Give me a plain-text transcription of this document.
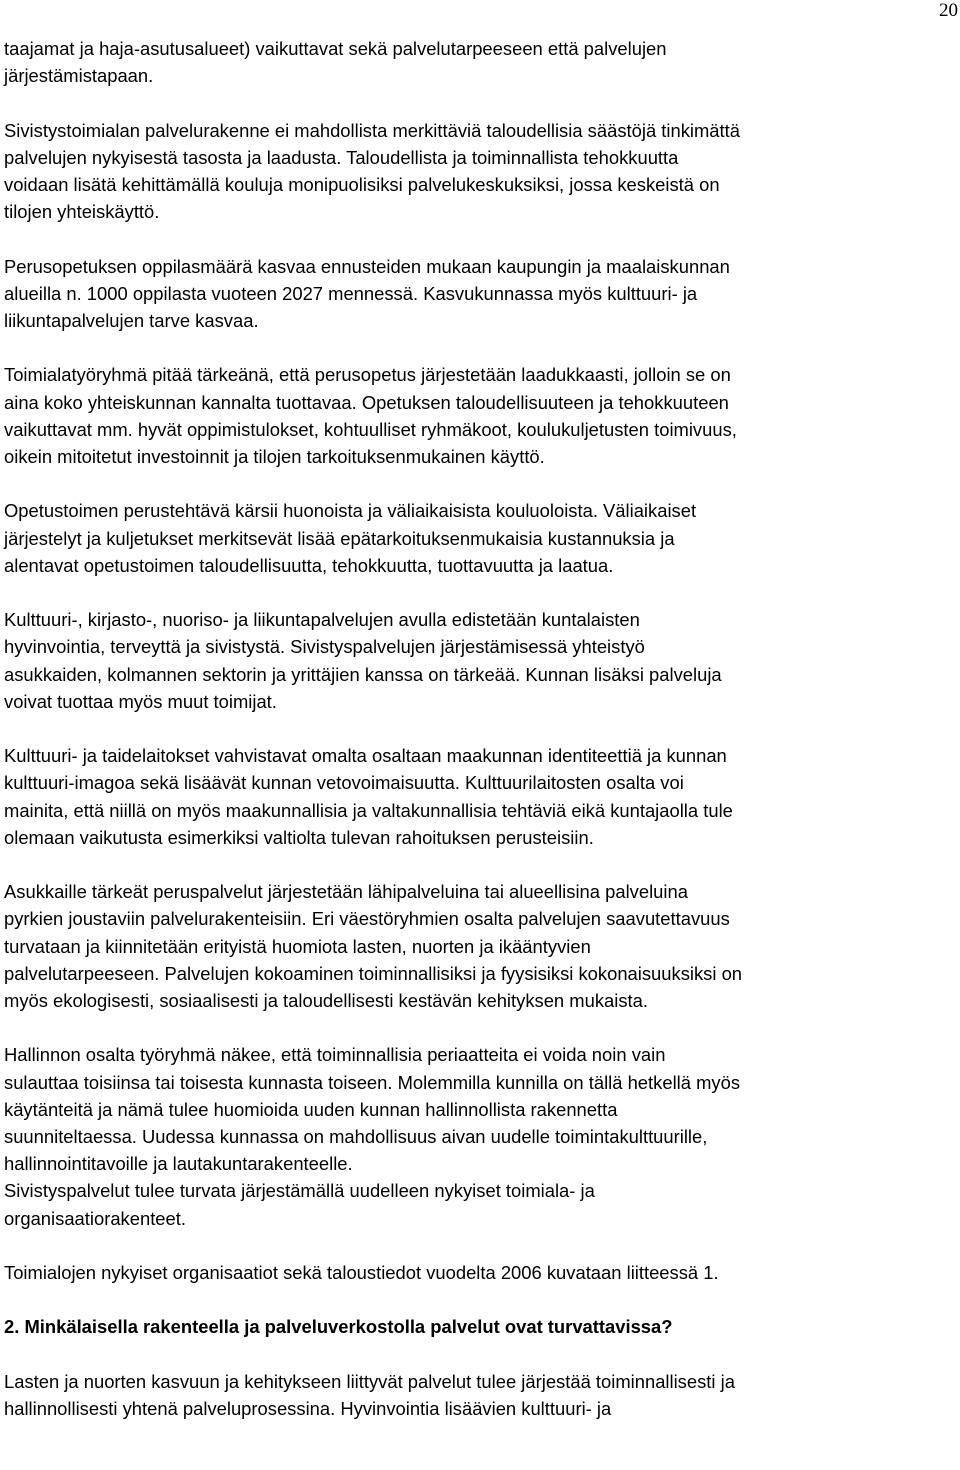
20

taajamat ja haja-asutusalueet) vaikuttavat sekä palvelutarpeeseen että palvelujen
järjestämistapaan.

Sivistystoimialan palvelurakenne ei mahdollista merkittäviä taloudellisia säästöjä tinkimättä
palvelujen nykyisestä tasosta ja laadusta. Taloudellista ja toiminnallista tehokkuutta
voidaan lisätä kehittämällä kouluja monipuolisiksi palvelukeskuksiksi, jossa keskeistä on
tilojen yhteiskäyttö.

Perusopetuksen oppilasmäärä kasvaa ennusteiden mukaan kaupungin ja maalaiskunnan
alueilla n. 1000 oppilasta vuoteen 2027 mennessä. Kasvukunnassa myös kulttuuri- ja
liikuntapalvelujen tarve kasvaa.

Toimialatyöryhmä pitää tärkeänä, että perusopetus järjestetään laadukkaasti, jolloin se on
aina koko yhteiskunnan kannalta tuottavaa. Opetuksen taloudellisuuteen ja tehokkuuteen
vaikuttavat mm. hyvät oppimistulokset, kohtuulliset ryhmäkoot, koulukuljetusten toimivuus,
oikein mitoitetut investoinnit ja tilojen tarkoituksenmukainen käyttö.

Opetustoimen perustehtävä kärsii huonoista ja väliaikaisista kouluoloista. Väliaikaiset
järjestelyt ja kuljetukset merkitsevät lisää epätarkoituksenmukaisia kustannuksia ja
alentavat opetustoimen taloudellisuutta, tehokkuutta, tuottavuutta ja laatua.

Kulttuuri-, kirjasto-, nuoriso- ja liikuntapalvelujen avulla edistetään kuntalaisten
hyvinvointia, terveyttä ja sivistystä. Sivistyspalvelujen järjestämisessä yhteistyö
asukkaiden, kolmannen sektorin ja yrittäjien kanssa on tärkeää. Kunnan lisäksi palveluja
voivat tuottaa myös muut toimijat.

Kulttuuri- ja taidelaitokset vahvistavat omalta osaltaan maakunnan identiteettiä ja kunnan
kulttuuri-imagoa sekä lisäävät kunnan vetovoimaisuutta. Kulttuurilaitosten osalta voi
mainita, että niillä on myös maakunnallisia ja valtakunnallisia tehtäviä eikä kuntajaolla tule
olemaan vaikutusta esimerkiksi valtiolta tulevan rahoituksen perusteisiin.

Asukkaille tärkeät peruspalvelut järjestetään lähipalveluina tai alueellisina palveluina
pyrkien joustaviin palvelurakenteisiin. Eri väestöryhmien osalta palvelujen saavutettavuus
turvataan ja kiinnitetään erityistä huomiota lasten, nuorten ja ikääntyvien
palvelutarpeeseen. Palvelujen kokoaminen toiminnallisiksi ja fyysisiksi kokonaisuuksiksi on
myös ekologisesti, sosiaalisesti ja taloudellisesti kestävän kehityksen mukaista.

Hallinnon osalta työryhmä näkee, että toiminnallisia periaatteita ei voida noin vain
sulauttaa toisiinsa tai toisesta kunnasta toiseen. Molemmilla kunnilla on tällä hetkellä myös
käytänteitä ja nämä tulee huomioida uuden kunnan hallinnollista rakennetta
suunniteltaessa. Uudessa kunnassa on mahdollisuus aivan uudelle toimintakulttuurille,
hallinnointitavoille ja lautakuntarakenteelle.

Sivistyspalvelut tulee turvata järjestämällä uudelleen nykyiset toimiala- ja
organisaatiorakenteet.

Toimialojen nykyiset organisaatiot sekä taloustiedot vuodelta 2006 kuvataan liitteessä 1.

2. Minkälaisella rakenteella ja palveluverkostolla palvelut ovat turvattavissa?

Lasten ja nuorten kasvuun ja kehitykseen liittyvät palvelut tulee järjestää toiminnallisesti ja
hallinnollisesti yhtenä palveluprosessina. Hyvinvointia lisäävien kulttuuri- ja
